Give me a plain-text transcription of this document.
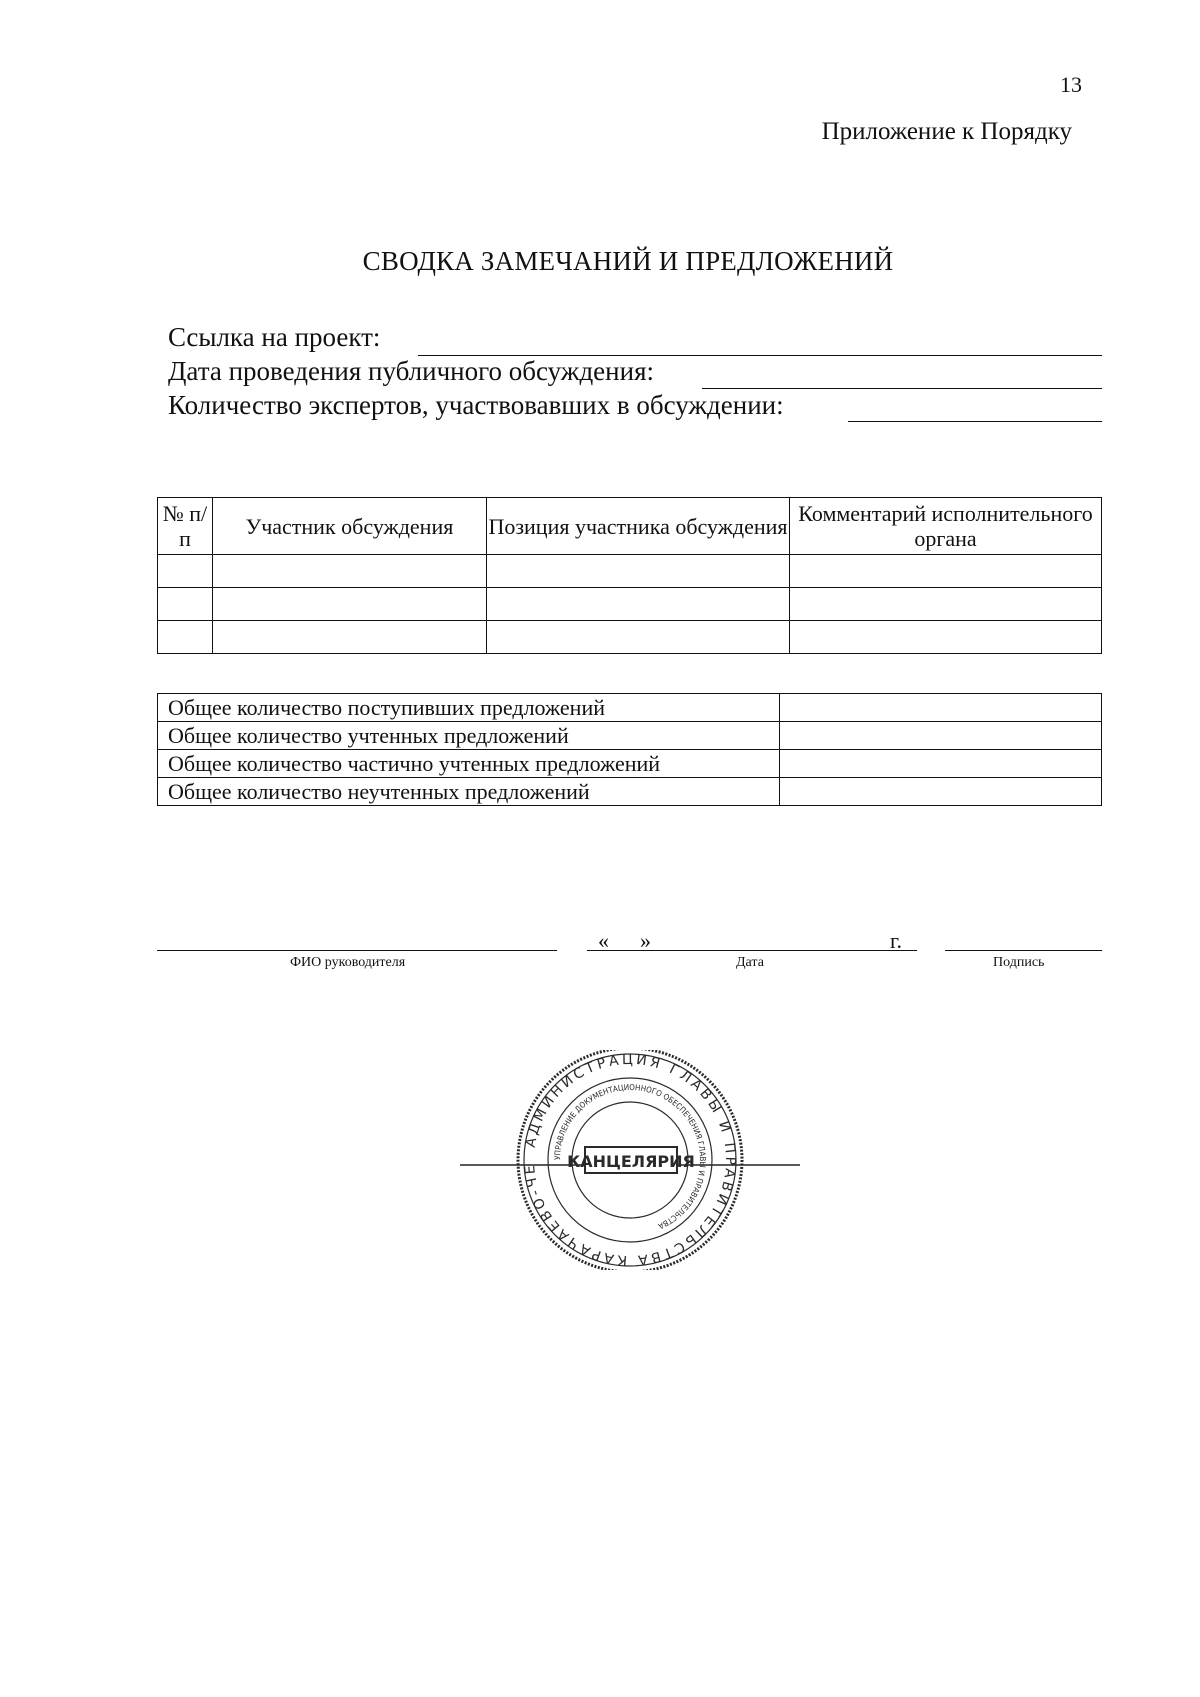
13
Приложение к Порядку
СВОДКА ЗАМЕЧАНИЙ И ПРЕДЛОЖЕНИЙ
Ссылка на проект:
Дата проведения публичного обсуждения:
Количество экспертов, участвовавших в обсуждении:
№ п/п	Участник обсуждения	Позиция участника обсуждения	Комментарий исполнительного органа

Общее количество поступивших предложений	
Общее количество учтенных предложений	
Общее количество частично учтенных предложений	
Общее количество неучтенных предложений	
ФИО руководителя
« »	г.
Дата	Подпись
АДМИНИСТРАЦИЯ ГЛАВЫ И ПРАВИТЕЛЬСТВА КАРАЧАЕВО-ЧЕ
УПРАВЛЕНИЕ ДОКУМЕНТАЦИОННОГО ОБЕСПЕЧЕНИЯ ГЛАВЫ И ПРАВИТЕЛЬСТВА
КАНЦЕЛЯРИЯ
